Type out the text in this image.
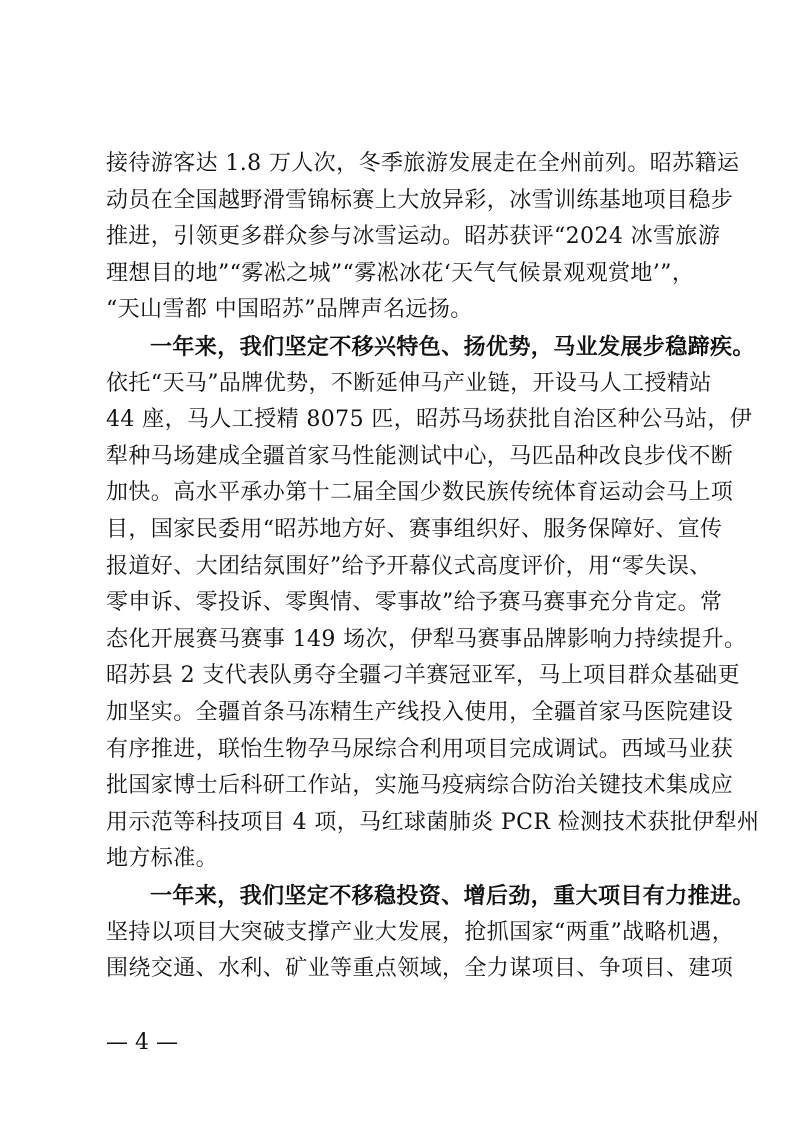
接待游客达 1.8 万人次，冬季旅游发展走在全州前列。昭苏籍运
动员在全国越野滑雪锦标赛上大放异彩，冰雪训练基地项目稳步
推进，引领更多群众参与冰雪运动。昭苏获评“2024 冰雪旅游
理想目的地”“雾凇之城”“雾凇冰花‘天气气候景观观赏地’”，
“天山雪都 中国昭苏”品牌声名远扬。
一年来，我们坚定不移兴特色、扬优势，马业发展步稳蹄疾。
依托“天马”品牌优势，不断延伸马产业链，开设马人工授精站
44 座，马人工授精 8075 匹，昭苏马场获批自治区种公马站，伊
犁种马场建成全疆首家马性能测试中心，马匹品种改良步伐不断
加快。高水平承办第十二届全国少数民族传统体育运动会马上项
目，国家民委用“昭苏地方好、赛事组织好、服务保障好、宣传
报道好、大团结氛围好”给予开幕仪式高度评价，用“零失误、
零申诉、零投诉、零舆情、零事故”给予赛马赛事充分肯定。常
态化开展赛马赛事 149 场次，伊犁马赛事品牌影响力持续提升。
昭苏县 2 支代表队勇夺全疆刁羊赛冠亚军，马上项目群众基础更
加坚实。全疆首条马冻精生产线投入使用，全疆首家马医院建设
有序推进，联怡生物孕马尿综合利用项目完成调试。西域马业获
批国家博士后科研工作站，实施马疫病综合防治关键技术集成应
用示范等科技项目 4 项，马红球菌肺炎 PCR 检测技术获批伊犁州
地方标准。
一年来，我们坚定不移稳投资、增后劲，重大项目有力推进。
坚持以项目大突破支撑产业大发展，抢抓国家“两重”战略机遇，
围绕交通、水利、矿业等重点领域，全力谋项目、争项目、建项
— 4 —
